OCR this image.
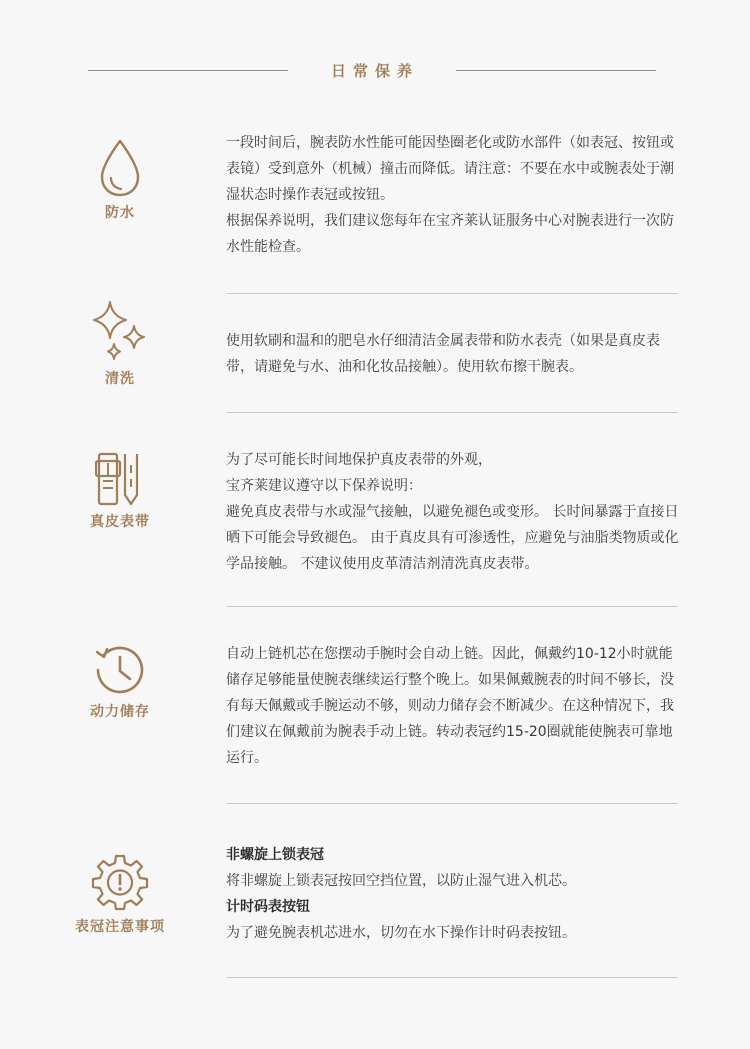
日常保养
防水

一段时间后，腕表防水性能可能因垫圈老化或防水部件（如表冠、按钮或表镜）受到意外（机械）撞击而降低。请注意：不要在水中或腕表处于潮湿状态时操作表冠或按钮。

根据保养说明，我们建议您每年在宝齐莱认证服务中心对腕表进行一次防水性能检查。

清洗

使用软刷和温和的肥皂水仔细清洁金属表带和防水表壳（如果是真皮表带，请避免与水、油和化妆品接触）。使用软布擦干腕表。

真皮表带

为了尽可能长时间地保护真皮表带的外观，

宝齐莱建议遵守以下保养说明：

避免真皮表带与水或湿气接触，以避免褪色或变形。 长时间暴露于直接日晒下可能会导致褪色。 由于真皮具有可渗透性，应避免与油脂类物质或化学品接触。 不建议使用皮革清洁剂清洗真皮表带。

动力储存

自动上链机芯在您摆动手腕时会自动上链。因此，佩戴约10-12小时就能储存足够能量使腕表继续运行整个晚上。如果佩戴腕表的时间不够长，没有每天佩戴或手腕运动不够，则动力储存会不断减少。在这种情况下，我们建议在佩戴前为腕表手动上链。转动表冠约15-20圈就能使腕表可靠地运行。

表冠注意事项

非螺旋上锁表冠

将非螺旋上锁表冠按回空挡位置，以防止湿气进入机芯。

计时码表按钮

为了避免腕表机芯进水，切勿在水下操作计时码表按钮。
